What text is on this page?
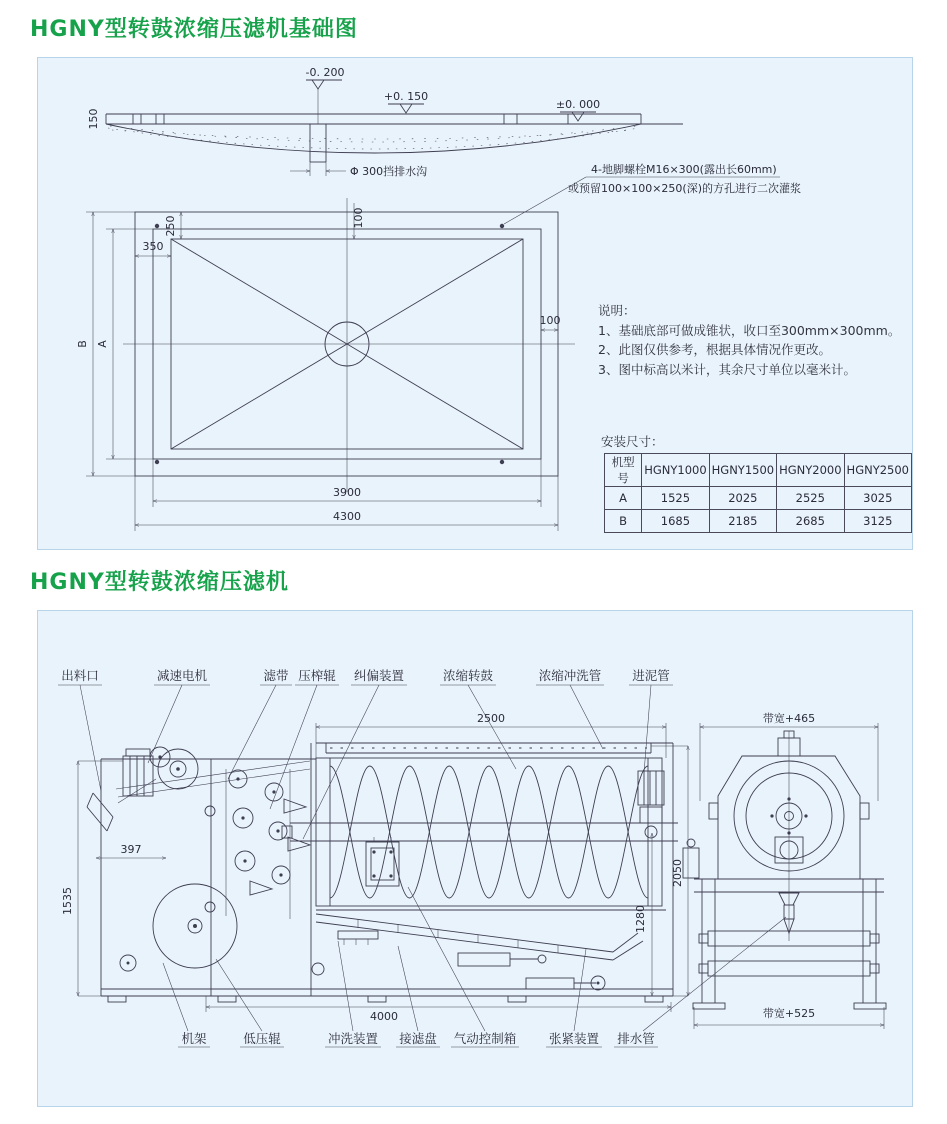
HGNY型转鼓浓缩压滤机基础图
-0. 200
+0. 150
±0. 000
150
Φ 300挡排水沟	4-地脚螺栓M16×300(露出长60mm)
或预留100×100×250(深)的方孔进行二次灌浆
350
250	100
100
B A
3900
4300
说明：
1、基础底部可做成锥状，收口至300mm×300mm。
2、此图仅供参考，根据具体情况作更改。
3、图中标高以米计，其余尺寸单位以毫米计。
安装尺寸：
机型号	HGNY1000	HGNY1500	HGNY2000	HGNY2500
A	1525	2025	2525	3025
B	1685	2185	2685	3125
HGNY型转鼓浓缩压滤机
出料口	减速电机	滤带 压榨辊 纠偏装置	浓缩转鼓	浓缩冲洗管 进泥管
2500
397
1535
2050
1280
4000
带宽+465
带宽+525
机架	低压辊	冲洗装置 接滤盘 气动控制箱	张紧装置 排水管
